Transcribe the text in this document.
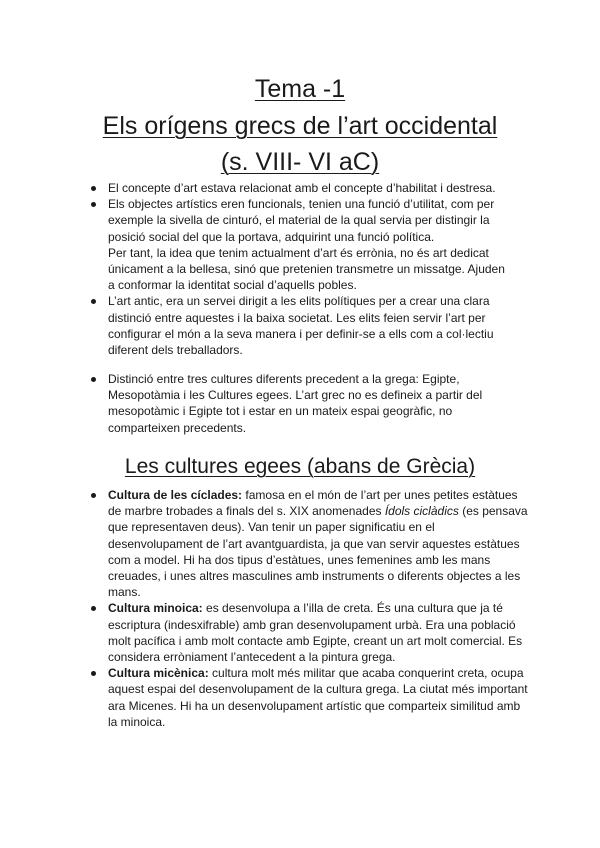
Tema -1
Els orígens grecs de l’art occidental
(s. VIII- VI aC)
El concepte d’art estava relacionat amb el concepte d’habilitat i destresa.
Els objectes artístics eren funcionals, tenien una funció d’utilitat, com per exemple la sivella de cinturó, el material de la qual servia per distingir la posició social del que la portava, adquirint una funció política.
Per tant, la idea que tenim actualment d’art és errònia, no és art dedicat únicament a la bellesa, sinó que pretenien transmetre un missatge. Ajuden a conformar la identitat social d’aquells pobles.
L’art antic, era un servei dirigit a les elits polítiques per a crear una clara distinció entre aquestes i la baixa societat. Les elits feien servir l’art per configurar el món a la seva manera i per definir-se a ells com a col·lectiu diferent dels treballadors.
Distinció entre tres cultures diferents precedent a la grega: Egipte, Mesopotàmia i les Cultures egees. L’art grec no es defineix a partir del mesopotàmic i Egipte tot i estar en un mateix espai geogràfic, no comparteixen precedents.
Les cultures egees (abans de Grècia)
Cultura de les cíclades: famosa en el món de l’art per unes petites estàtues de marbre trobades a finals del s. XIX anomenades Ídols ciclàdics (es pensava que representaven deus). Van tenir un paper significatiu en el desenvolupament de l’art avantguardista, ja que van servir aquestes estàtues com a model. Hi ha dos tipus d’estàtues, unes femenines amb les mans creuades, i unes altres masculines amb instruments o diferents objectes a les mans.
Cultura minoica: es desenvolupa a l’illa de creta. És una cultura que ja té escriptura (indesxifrable) amb gran desenvolupament urbà. Era una població molt pacífica i amb molt contacte amb Egipte, creant un art molt comercial. Es considera erròniament l’antecedent a la pintura grega.
Cultura micènica: cultura molt més militar que acaba conquerint creta, ocupa aquest espai del desenvolupament de la cultura grega. La ciutat més important ara Micenes. Hi ha un desenvolupament artístic que comparteix similitud amb la minoica.
